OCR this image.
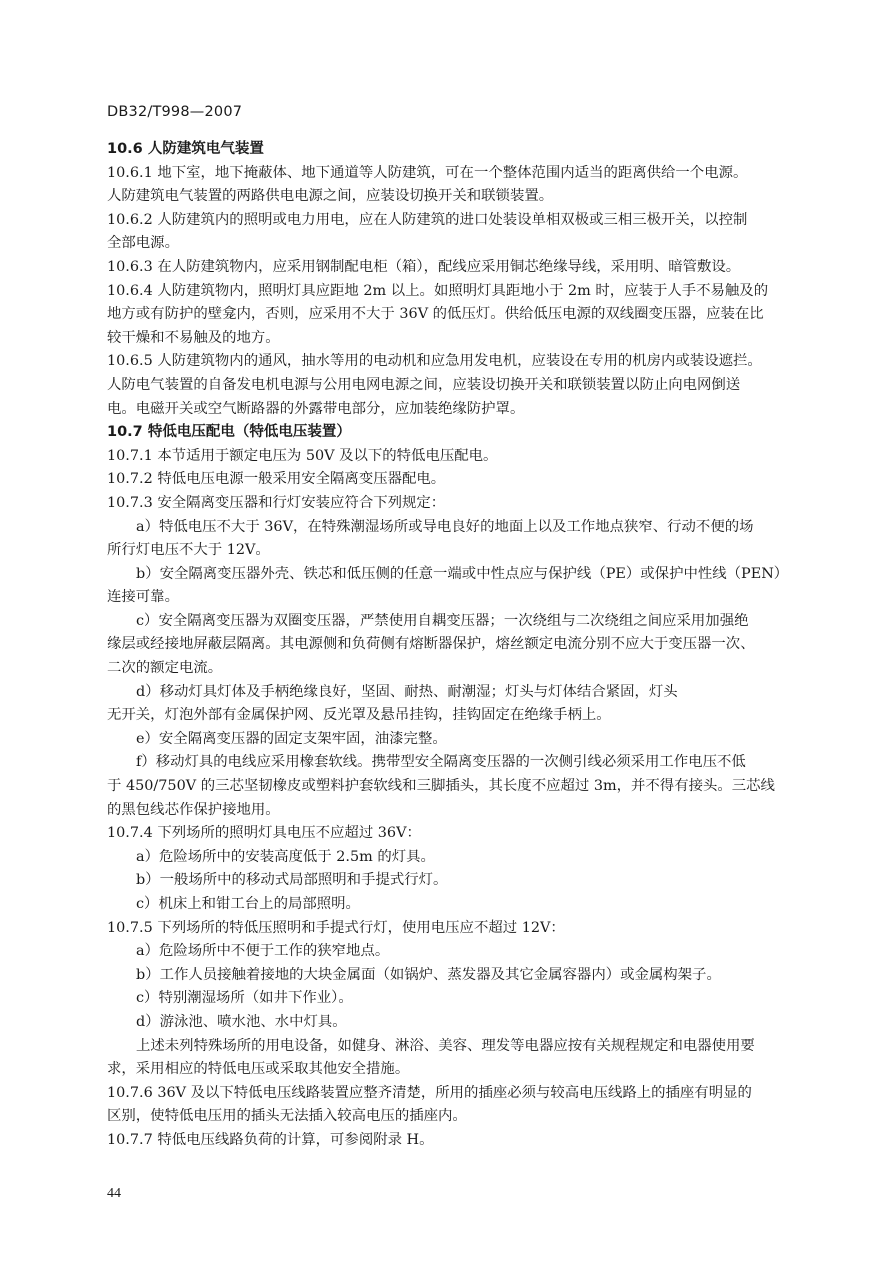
DB32/T998—2007
10.6 人防建筑电气装置
10.6.1 地下室，地下掩蔽体、地下通道等人防建筑，可在一个整体范围内适当的距离供给一个电源。
人防建筑电气装置的两路供电电源之间，应装设切换开关和联锁装置。
10.6.2 人防建筑内的照明或电力用电，应在人防建筑的进口处装设单相双极或三相三极开关，以控制
全部电源。
10.6.3 在人防建筑物内，应采用钢制配电柜（箱），配线应采用铜芯绝缘导线，采用明、暗管敷设。
10.6.4 人防建筑物内，照明灯具应距地 2m 以上。如照明灯具距地小于 2m 时，应装于人手不易触及的
地方或有防护的壁龛内，否则，应采用不大于 36V 的低压灯。供给低压电源的双线圈变压器，应装在比
较干燥和不易触及的地方。
10.6.5 人防建筑物内的通风，抽水等用的电动机和应急用发电机，应装设在专用的机房内或装设遮拦。
人防电气装置的自备发电机电源与公用电网电源之间，应装设切换开关和联锁装置以防止向电网倒送
电。电磁开关或空气断路器的外露带电部分，应加装绝缘防护罩。
10.7 特低电压配电（特低电压装置）
10.7.1 本节适用于额定电压为 50V 及以下的特低电压配电。
10.7.2 特低电压电源一般采用安全隔离变压器配电。
10.7.3 安全隔离变压器和行灯安装应符合下列规定：
a）特低电压不大于 36V，在特殊潮湿场所或导电良好的地面上以及工作地点狭窄、行动不便的场
所行灯电压不大于 12V。
b）安全隔离变压器外壳、铁芯和低压侧的任意一端或中性点应与保护线（PE）或保护中性线（PEN）
连接可靠。
c）安全隔离变压器为双圈变压器，严禁使用自耦变压器；一次绕组与二次绕组之间应采用加强绝
缘层或经接地屏蔽层隔离。其电源侧和负荷侧有熔断器保护，熔丝额定电流分别不应大于变压器一次、
二次的额定电流。
d）移动灯具灯体及手柄绝缘良好，坚固、耐热、耐潮湿；灯头与灯体结合紧固，灯头
无开关，灯泡外部有金属保护网、反光罩及悬吊挂钩，挂钩固定在绝缘手柄上。
e）安全隔离变压器的固定支架牢固，油漆完整。
f）移动灯具的电线应采用橡套软线。携带型安全隔离变压器的一次侧引线必须采用工作电压不低
于 450/750V 的三芯坚韧橡皮或塑料护套软线和三脚插头，其长度不应超过 3m，并不得有接头。三芯线
的黑包线芯作保护接地用。
10.7.4 下列场所的照明灯具电压不应超过 36V：
a）危险场所中的安装高度低于 2.5m 的灯具。
b）一般场所中的移动式局部照明和手提式行灯。
c）机床上和钳工台上的局部照明。
10.7.5 下列场所的特低压照明和手提式行灯，使用电压应不超过 12V：
a）危险场所中不便于工作的狭窄地点。
b）工作人员接触着接地的大块金属面（如锅炉、蒸发器及其它金属容器内）或金属构架子。
c）特别潮湿场所（如井下作业）。
d）游泳池、喷水池、水中灯具。
上述未列特殊场所的用电设备，如健身、淋浴、美容、理发等电器应按有关规程规定和电器使用要
求，采用相应的特低电压或采取其他安全措施。
10.7.6 36V 及以下特低电压线路装置应整齐清楚，所用的插座必须与较高电压线路上的插座有明显的
区别，使特低电压用的插头无法插入较高电压的插座内。
10.7.7 特低电压线路负荷的计算，可参阅附录 H。
44
